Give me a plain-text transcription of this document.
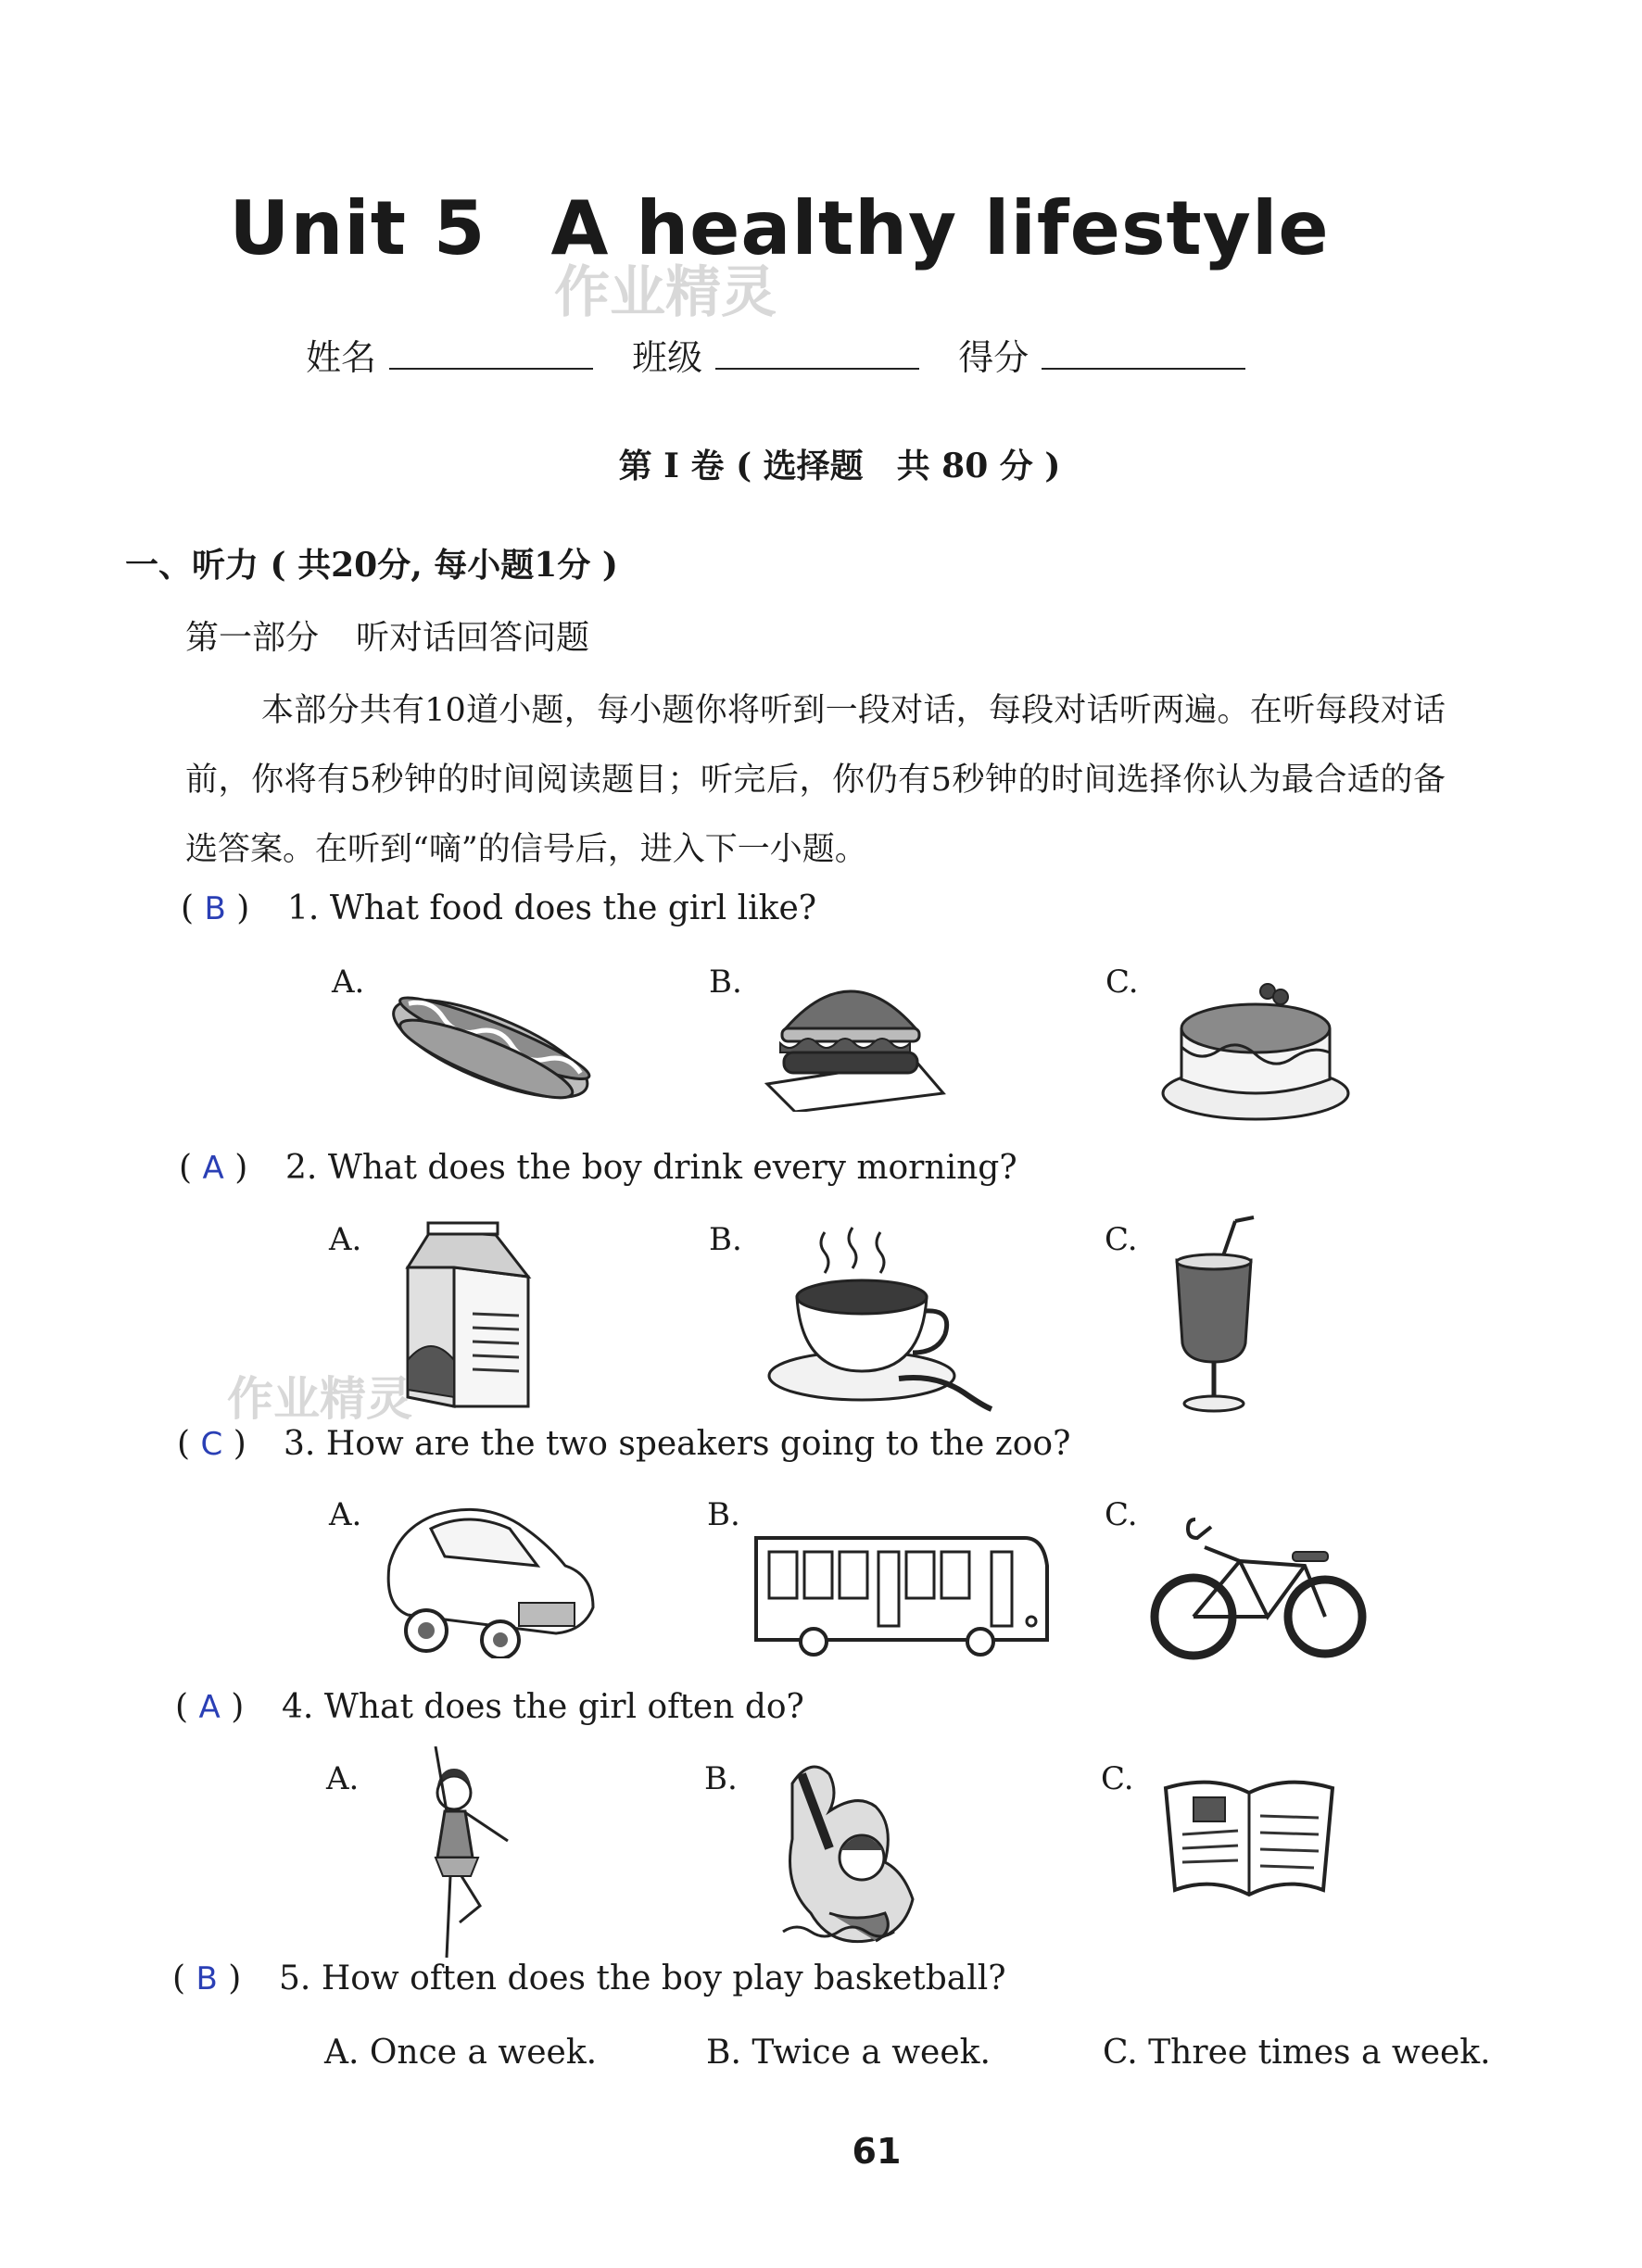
Unit 5 A healthy lifestyle
作业精灵
姓名	班级	得分
第 I 卷 ( 选择题　共 80 分 )
一、听力 ( 共20分, 每小题1分 )
第一部分 听对话回答问题
本部分共有10道小题，每小题你将听到一段对话，每段对话听两遍。在听每段对话前，你将有5秒钟的时间阅读题目；听完后，你仍有5秒钟的时间选择你认为最合适的备选答案。在听到“嘀”的信号后，进入下一小题。
( B ) 1. What food does the girl like?
A.	B.	C.
( A ) 2. What does the boy drink every morning?
A.	B.	C.
作业精灵
( C ) 3. How are the two speakers going to the zoo?
A.	B.	C.
( A ) 4. What does the girl often do?
A.	B.	C.
( B ) 5. How often does the boy play basketball?
A. Once a week.	B. Twice a week.	C. Three times a week.
61
